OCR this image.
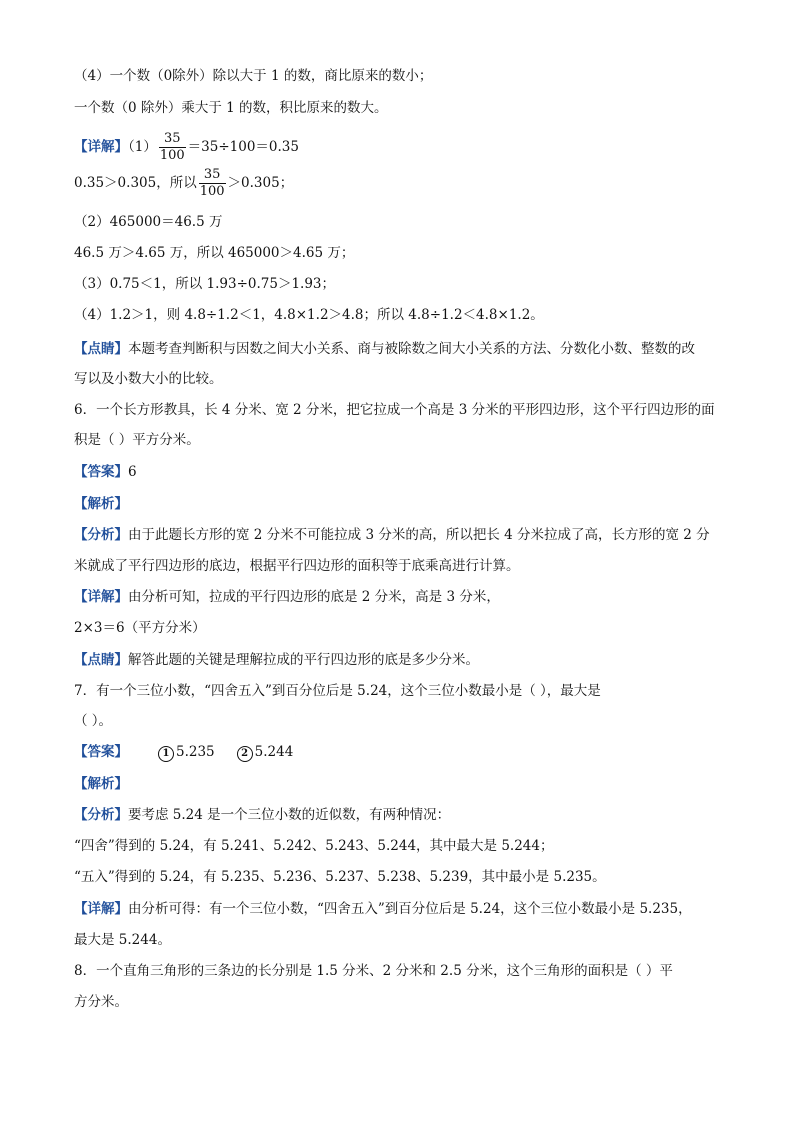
（4）一个数（0除外）除以大于 1 的数，商比原来的数小；
一个数（0 除外）乘大于 1 的数，积比原来的数大。
【详解】$(1) \frac{35}{100} =35\div 100=0.35$
0.35＞0.305，所以 $\frac{35}{100} >0.305$；
（2）465000＝46.5 万
46.5 万＞4.65 万，所以 465000＞4.65 万；
（3）0.75＜1，所以 1.93÷0.75＞1.93；
（4）1.2＞1，则 4.8÷1.2＜1，4.8×1.2＞4.8；所以 4.8÷1.2＜4.8×1.2。
【点睛】本题考查判断积与因数之间大小关系、商与被除数之间大小关系的方法、分数化小数、整数的改
写以及小数大小的比较。
6．一个长方形教具，长 4 分米、宽 2 分米，把它拉成一个高是 3 分米的平形四边形，这个平行四边形的面
积是（ ）平方分米。
【答案】6
【解析】
【分析】由于此题长方形的宽 2 分米不可能拉成 3 分米的高，所以把长 4 分米拉成了高，长方形的宽 2 分
米就成了平行四边形的底边，根据平行四边形的面积等于底乘高进行计算。
【详解】由分析可知，拉成的平行四边形的底是 2 分米，高是 3 分米，
2×3＝6（平方分米）
【点睛】解答此题的关键是理解拉成的平行四边形的底是多少分米。
7．有一个三位小数，“四舍五入”到百分位后是 5.24，这个三位小数最小是（ ），最大是
（ ）。
【答案】	1 5.235	2 5.244
【解析】
【分析】要考虑 5.24 是一个三位小数的近似数，有两种情况：
“四舍”得到的 5.24，有 5.241、5.242、5.243、5.244，其中最大是 5.244；
“五入”得到的 5.24，有 5.235、5.236、5.237、5.238、5.239，其中最小是 5.235。
【详解】由分析可得：有一个三位小数，“四舍五入”到百分位后是 5.24，这个三位小数最小是 5.235，
最大是 5.244。
8．一个直角三角形的三条边的长分别是 1.5 分米、2 分米和 2.5 分米，这个三角形的面积是（ ）平
方分米。
